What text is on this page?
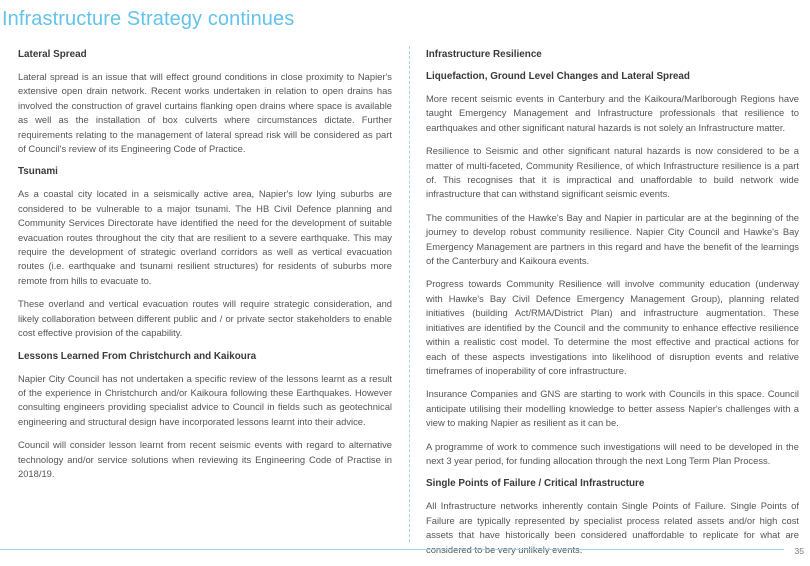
Infrastructure Strategy continues
Lateral Spread

Lateral spread is an issue that will effect ground conditions in close proximity to Napier's extensive open drain network. Recent works undertaken in relation to open drains has involved the construction of gravel curtains flanking open drains where space is available as well as the installation of box culverts where circumstances dictate. Further requirements relating to the management of lateral spread risk will be considered as part of Council's review of its Engineering Code of Practice.

Tsunami

As a coastal city located in a seismically active area, Napier's low lying suburbs are considered to be vulnerable to a major tsunami. The HB Civil Defence planning and Community Services Directorate have identified the need for the development of suitable evacuation routes throughout the city that are resilient to a severe earthquake. This may require the development of strategic overland corridors as well as vertical evacuation routes (i.e. earthquake and tsunami resilient structures) for residents of suburbs more remote from hills to evacuate to.

These overland and vertical evacuation routes will require strategic consideration, and likely collaboration between different public and / or private sector stakeholders to enable cost effective provision of the capability.

Lessons Learned From Christchurch and Kaikoura

Napier City Council has not undertaken a specific review of the lessons learnt as a result of the experience in Christchurch and/or Kaikoura following these Earthquakes. However consulting engineers providing specialist advice to Council in fields such as geotechnical engineering and structural design have incorporated lessons learnt into their advice.

Council will consider lesson learnt from recent seismic events with regard to alternative technology and/or service solutions when reviewing its Engineering Code of Practise in 2018/19.

Infrastructure Resilience
Liquefaction, Ground Level Changes and Lateral Spread

More recent seismic events in Canterbury and the Kaikoura/Marlborough Regions have taught Emergency Management and Infrastructure professionals that resilience to earthquakes and other significant natural hazards is not solely an Infrastructure matter.

Resilience to Seismic and other significant natural hazards is now considered to be a matter of multi-faceted, Community Resilience, of which Infrastructure resilience is a part of. This recognises that it is impractical and unaffordable to build network wide infrastructure that can withstand significant seismic events.

The communities of the Hawke's Bay and Napier in particular are at the beginning of the journey to develop robust community resilience. Napier City Council and Hawke's Bay Emergency Management are partners in this regard and have the benefit of the learnings of the Canterbury and Kaikoura events.

Progress towards Community Resilience will involve community education (underway with Hawke's Bay Civil Defence Emergency Management Group), planning related initiatives (building Act/RMA/District Plan) and infrastructure augmentation. These initiatives are identified by the Council and the community to enhance effective resilience within a realistic cost model. To determine the most effective and practical actions for each of these aspects investigations into likelihood of disruption events and relative timeframes of inoperability of core infrastructure.

Insurance Companies and GNS are starting to work with Councils in this space. Council anticipate utilising their modelling knowledge to better assess Napier's challenges with a view to making Napier as resilient as it can be.

A programme of work to commence such investigations will need to be developed in the next 3 year period, for funding allocation through the next Long Term Plan Process.

Single Points of Failure / Critical Infrastructure

All Infrastructure networks inherently contain Single Points of Failure. Single Points of Failure are typically represented by specialist process related assets and/or high cost assets that have historically been considered unaffordable to replicate for what are considered to be very unlikely events.	35
